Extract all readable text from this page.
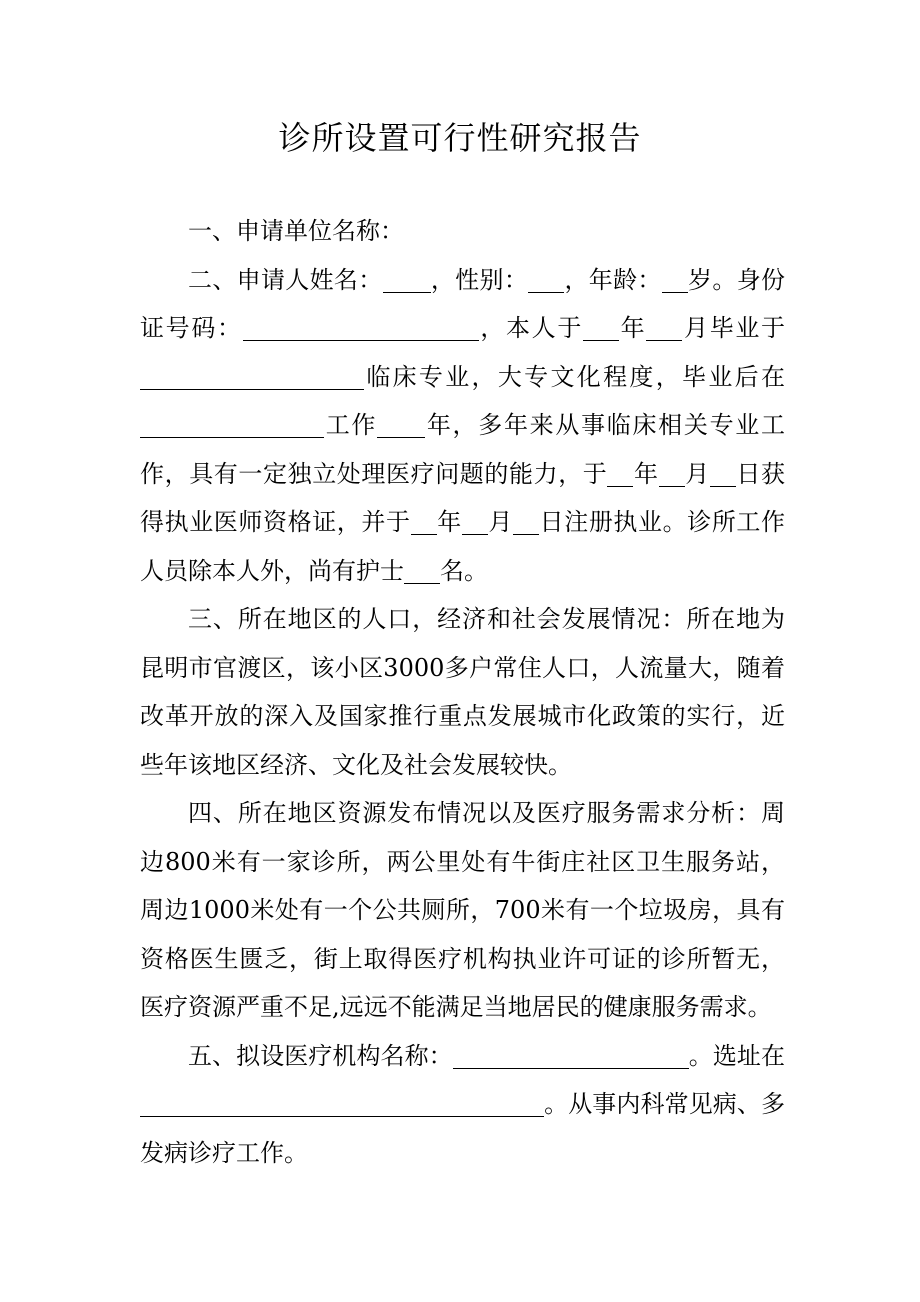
诊所设置可行性研究报告

一、申请单位名称：

二、申请人姓名： ，性别： ，年龄： 岁。身份证号码：	，本人于 年 月毕业于临床专业，大专文化程度，毕业后在工作 年，多年来从事临床相关专业工作，具有一定独立处理医疗问题的能力，于 年 月 日获得执业医师资格证，并于 年 月 日注册执业。诊所工作人员除本人外，尚有护士 名。

三、所在地区的人口，经济和社会发展情况：所在地为昆明市官渡区，该小区3000多户常住人口，人流量大，随着改革开放的深入及国家推行重点发展城市化政策的实行，近些年该地区经济、文化及社会发展较快。

四、所在地区资源发布情况以及医疗服务需求分析：周边800米有一家诊所，两公里处有牛街庄社区卫生服务站，周边1000米处有一个公共厕所，700米有一个垃圾房，具有资格医生匮乏，街上取得医疗机构执业许可证的诊所暂无，医疗资源严重不足,远远不能满足当地居民的健康服务需求。

五、拟设医疗机构名称：	。选址在。从事内科常见病、多发病诊疗工作。
